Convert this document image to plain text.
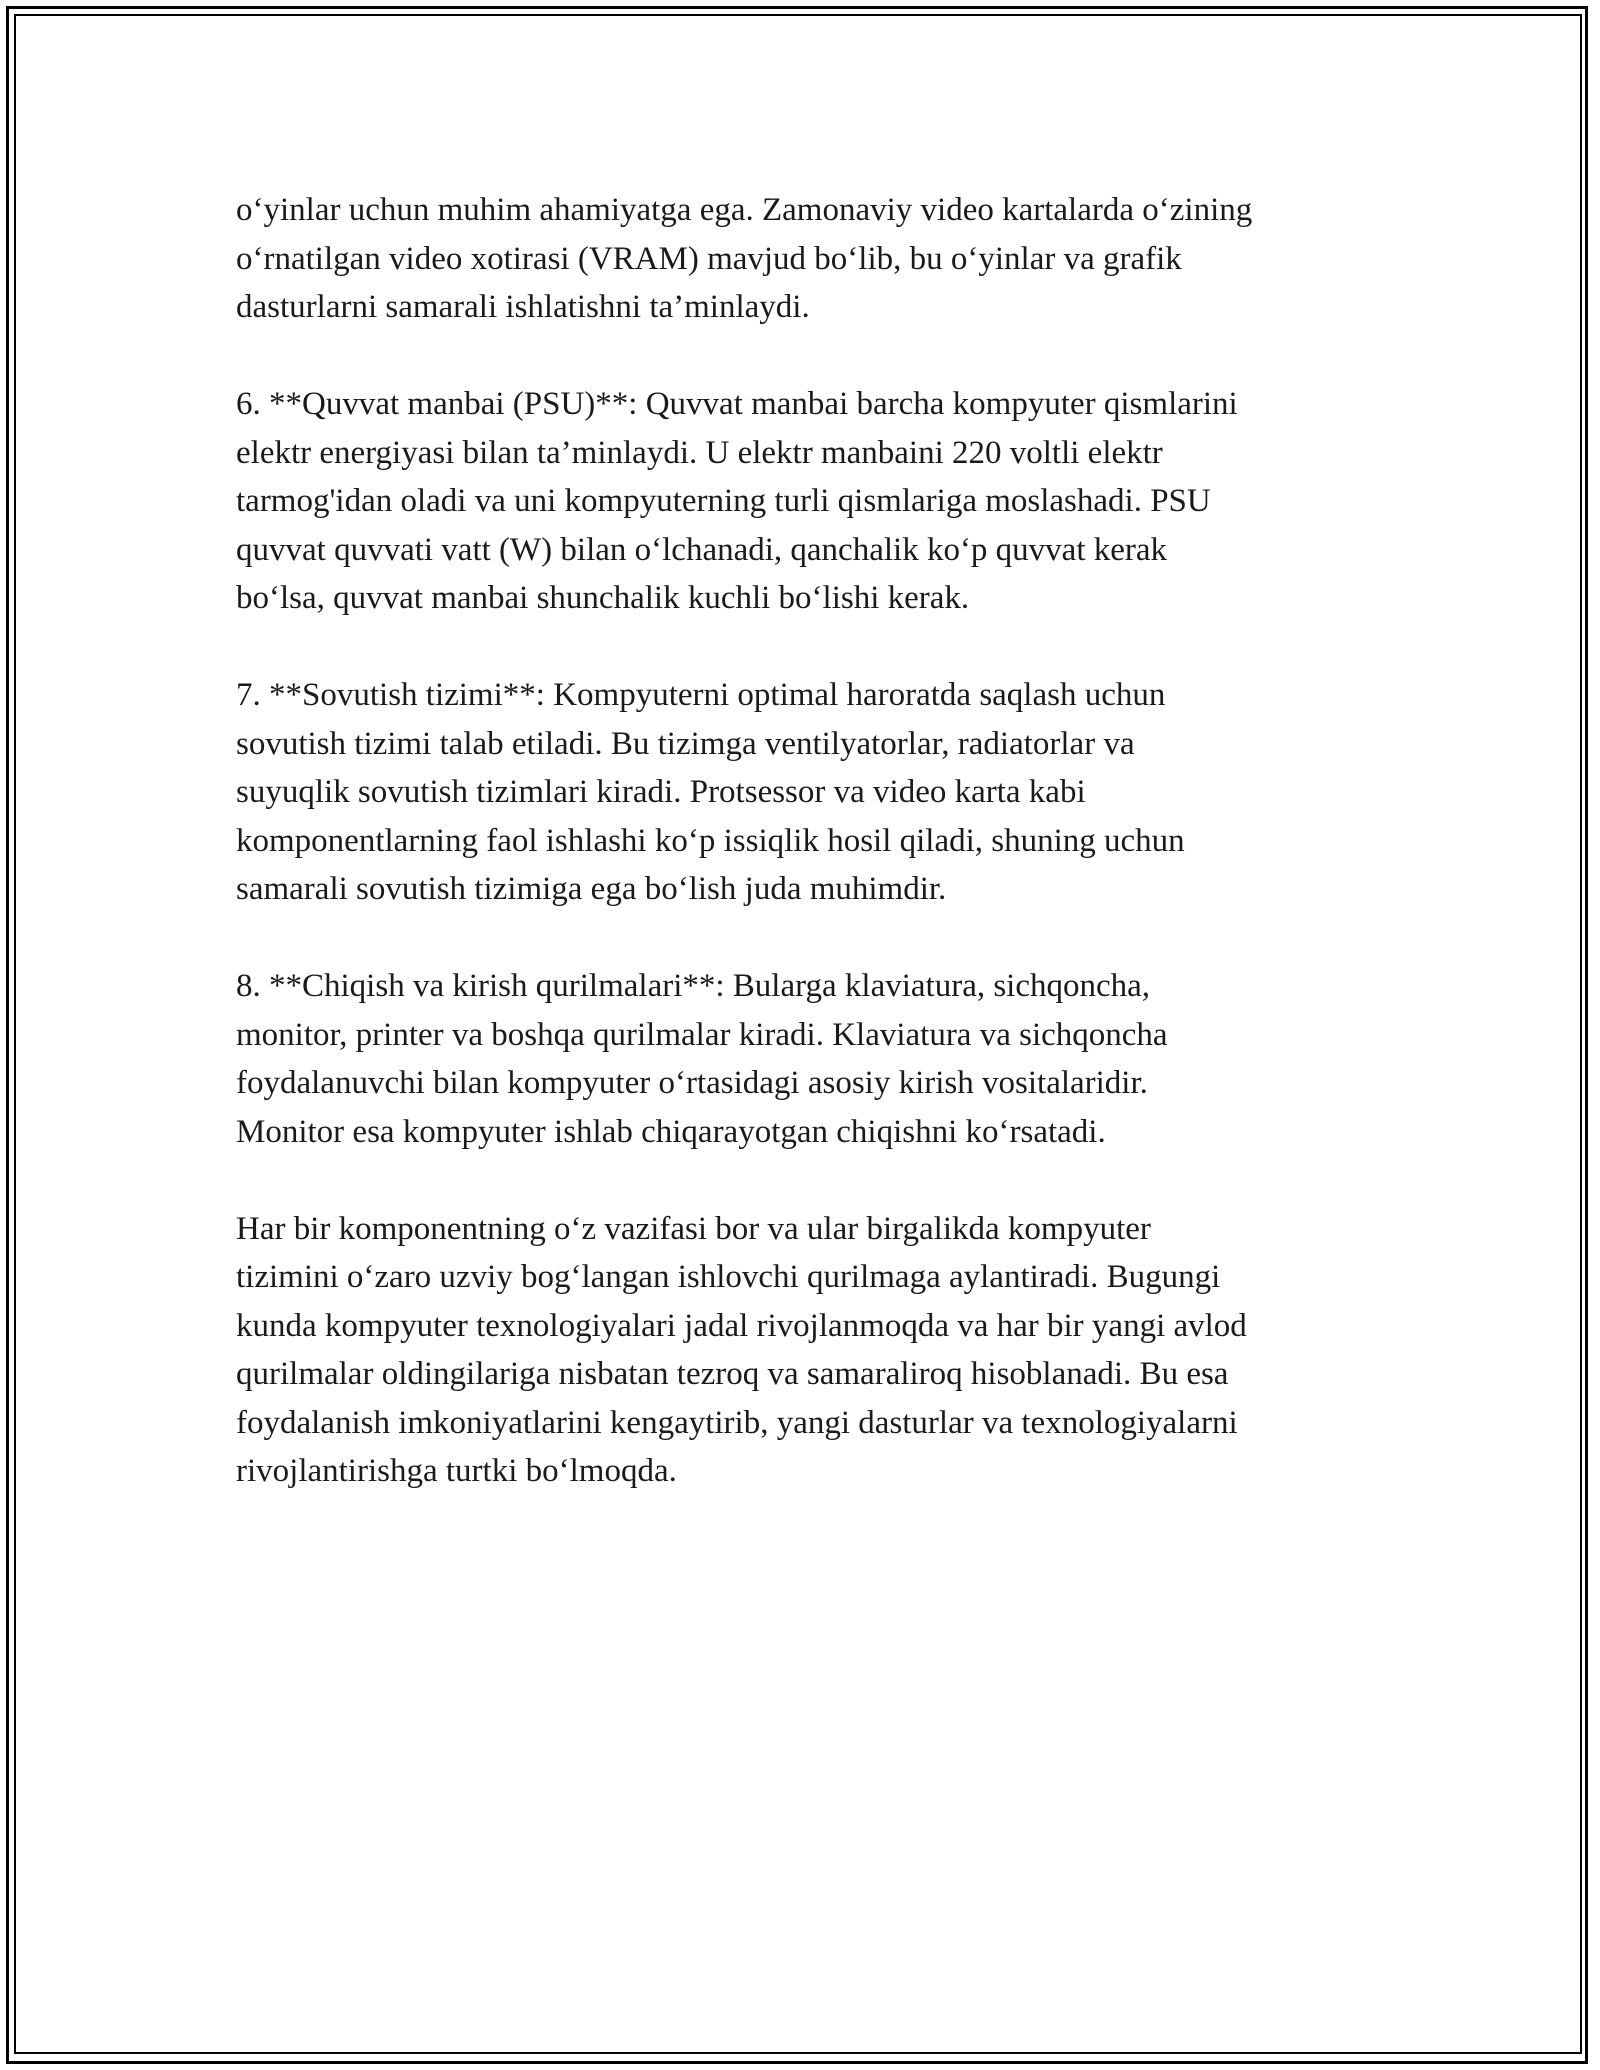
o‘yinlar uchun muhim ahamiyatga ega. Zamonaviy video kartalarda o‘zining
o‘rnatilgan video xotirasi (VRAM) mavjud bo‘lib, bu o‘yinlar va grafik
dasturlarni samarali ishlatishni ta’minlaydi.

6. **Quvvat manbai (PSU)**: Quvvat manbai barcha kompyuter qismlarini
elektr energiyasi bilan ta’minlaydi. U elektr manbaini 220 voltli elektr
tarmog'idan oladi va uni kompyuterning turli qismlariga moslashadi. PSU
quvvat quvvati vatt (W) bilan o‘lchanadi, qanchalik ko‘p quvvat kerak
bo‘lsa, quvvat manbai shunchalik kuchli bo‘lishi kerak.

7. **Sovutish tizimi**: Kompyuterni optimal haroratda saqlash uchun
sovutish tizimi talab etiladi. Bu tizimga ventilyatorlar, radiatorlar va
suyuqlik sovutish tizimlari kiradi. Protsessor va video karta kabi
komponentlarning faol ishlashi ko‘p issiqlik hosil qiladi, shuning uchun
samarali sovutish tizimiga ega bo‘lish juda muhimdir.

8. **Chiqish va kirish qurilmalari**: Bularga klaviatura, sichqoncha,
monitor, printer va boshqa qurilmalar kiradi. Klaviatura va sichqoncha
foydalanuvchi bilan kompyuter o‘rtasidagi asosiy kirish vositalaridir.
Monitor esa kompyuter ishlab chiqarayotgan chiqishni ko‘rsatadi.

Har bir komponentning o‘z vazifasi bor va ular birgalikda kompyuter
tizimini o‘zaro uzviy bog‘langan ishlovchi qurilmaga aylantiradi. Bugungi
kunda kompyuter texnologiyalari jadal rivojlanmoqda va har bir yangi avlod
qurilmalar oldingilariga nisbatan tezroq va samaraliroq hisoblanadi. Bu esa
foydalanish imkoniyatlarini kengaytirib, yangi dasturlar va texnologiyalarni
rivojlantirishga turtki bo‘lmoqda.
